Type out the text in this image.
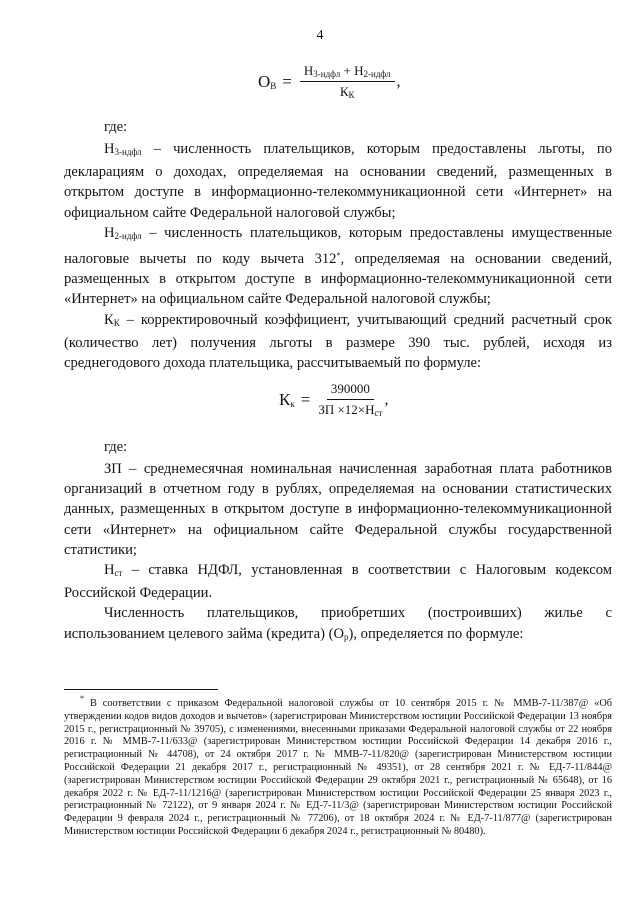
4
$О_В = \frac{Н_{3-ндфл} + Н_{2-ндфл}}{К_К}$ ,
где:

$Н_{3-ндфл}$ – численность плательщиков, которым предоставлены льготы, по декларациям о доходах, определяемая на основании сведений, размещенных в открытом доступе в информационно-телекоммуникационной сети «Интернет» на официальном сайте Федеральной налоговой службы;

$Н_{2-ндфл}$ – численность плательщиков, которым предоставлены имущественные налоговые вычеты по коду вычета 312*, определяемая на основании сведений, размещенных в открытом доступе в информационно-телекоммуникационной сети «Интернет» на официальном сайте Федеральной налоговой службы;

$К_К$ – корректировочный коэффициент, учитывающий средний расчетный срок (количество лет) получения льготы в размере 390 тыс. рублей, исходя из среднегодового дохода плательщика, рассчитываемый по формуле:

$К_к = \frac{390000}{ЗП \times 12\times Н_{ст}}$ ,
где:

ЗП – среднемесячная номинальная начисленная заработная плата работников организаций в отчетном году в рублях, определяемая на основании статистических данных, размещенных в открытом доступе в информационно-телекоммуникационной сети «Интернет» на официальном сайте Федеральной службы государственной статистики;

$Н_{ст}$ – ставка НДФЛ, установленная в соответствии с Налоговым кодексом Российской Федерации.

Численность плательщиков, приобретших (построивших) жилье с использованием целевого займа (кредита) $(О_р)$, определяется по формуле:

* В соответствии с приказом Федеральной налоговой службы от 10 сентября 2015 г. № ММВ-7-11/387@ «Об утверждении кодов видов доходов и вычетов» (зарегистрирован Министерством юстиции Российской Федерации 13 ноября 2015 г., регистрационный № 39705), с изменениями, внесенными приказами Федеральной налоговой службы от 22 ноября 2016 г. № ММВ-7-11/633@ (зарегистрирован Министерством юстиции Российской Федерации 14 декабря 2016 г., регистрационный № 44708), от 24 октября 2017 г. № ММВ-7-11/820@ (зарегистрирован Министерством юстиции Российской Федерации 21 декабря 2017 г., регистрационный № 49351), от 28 сентября 2021 г. № ЕД-7-11/844@ (зарегистрирован Министерством юстиции Российской Федерации 29 октября 2021 г., регистрационный № 65648), от 16 декабря 2022 г. № ЕД-7-11/1216@ (зарегистрирован Министерством юстиции Российской Федерации 25 января 2023 г., регистрационный № 72122), от 9 января 2024 г. № ЕД-7-11/3@ (зарегистрирован Министерством юстиции Российской Федерации 9 февраля 2024 г., регистрационный № 77206), от 18 октября 2024 г. № ЕД-7-11/877@ (зарегистрирован Министерством юстиции Российской Федерации 6 декабря 2024 г., регистрационный № 80480).
